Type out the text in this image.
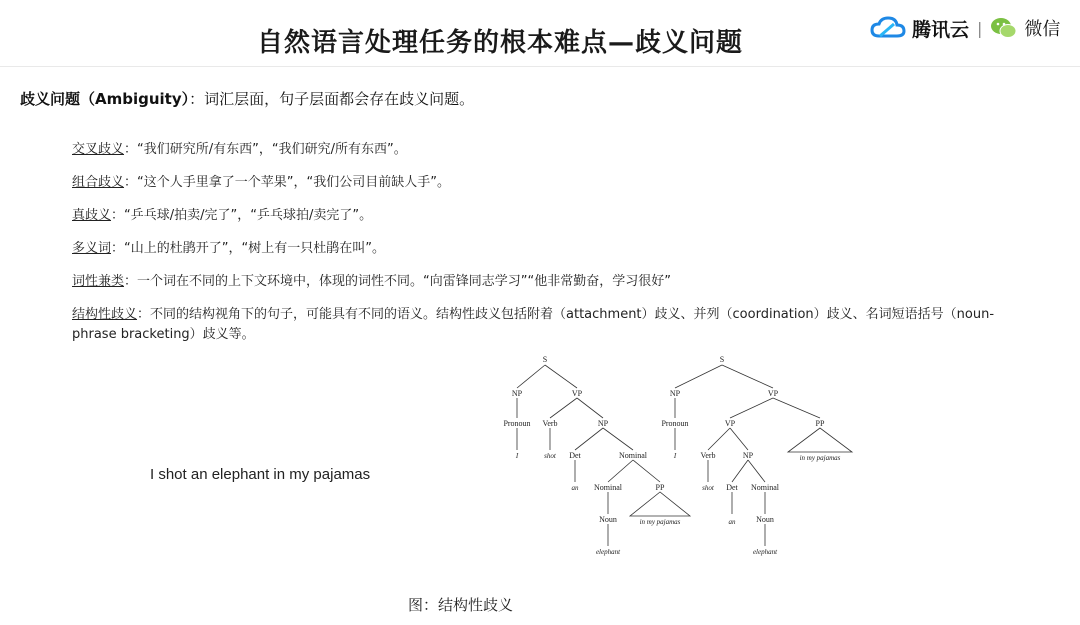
自然语言处理任务的根本难点—歧义问题	腾讯云 | 微信
歧义问题（Ambiguity）：词汇层面，句子层面都会存在歧义问题。
交叉歧义：“我们研究所/有东西”，“我们研究/所有东西”。
组合歧义：“这个人手里拿了一个苹果”，“我们公司目前缺人手”。
真歧义：“乒乓球/拍卖/完了”，“乒乓球拍/卖完了”。
多义词：“山上的杜鹃开了”，“树上有一只杜鹃在叫”。
词性兼类：一个词在不同的上下文环境中，体现的词性不同。“向雷锋同志学习”“他非常勤奋，学习很好”
结构性歧义：不同的结构视角下的句子，可能具有不同的语义。结构性歧义包括附着（attachment）歧义、并列（coordination）歧义、名词短语括号（noun-phrase bracketing）歧义等。
I shot an elephant in my pajamas
S
NP	VP
Pronoun Verb	NP
I	shot Det	Nominal
an Nominal	PP
Noun	in my pajamas
elephant
S
NP	VP
Pronoun	VP	PP
I	Verb	NP	in my pajamas
shot Det Nominal
an	Noun
elephant
图：结构性歧义
